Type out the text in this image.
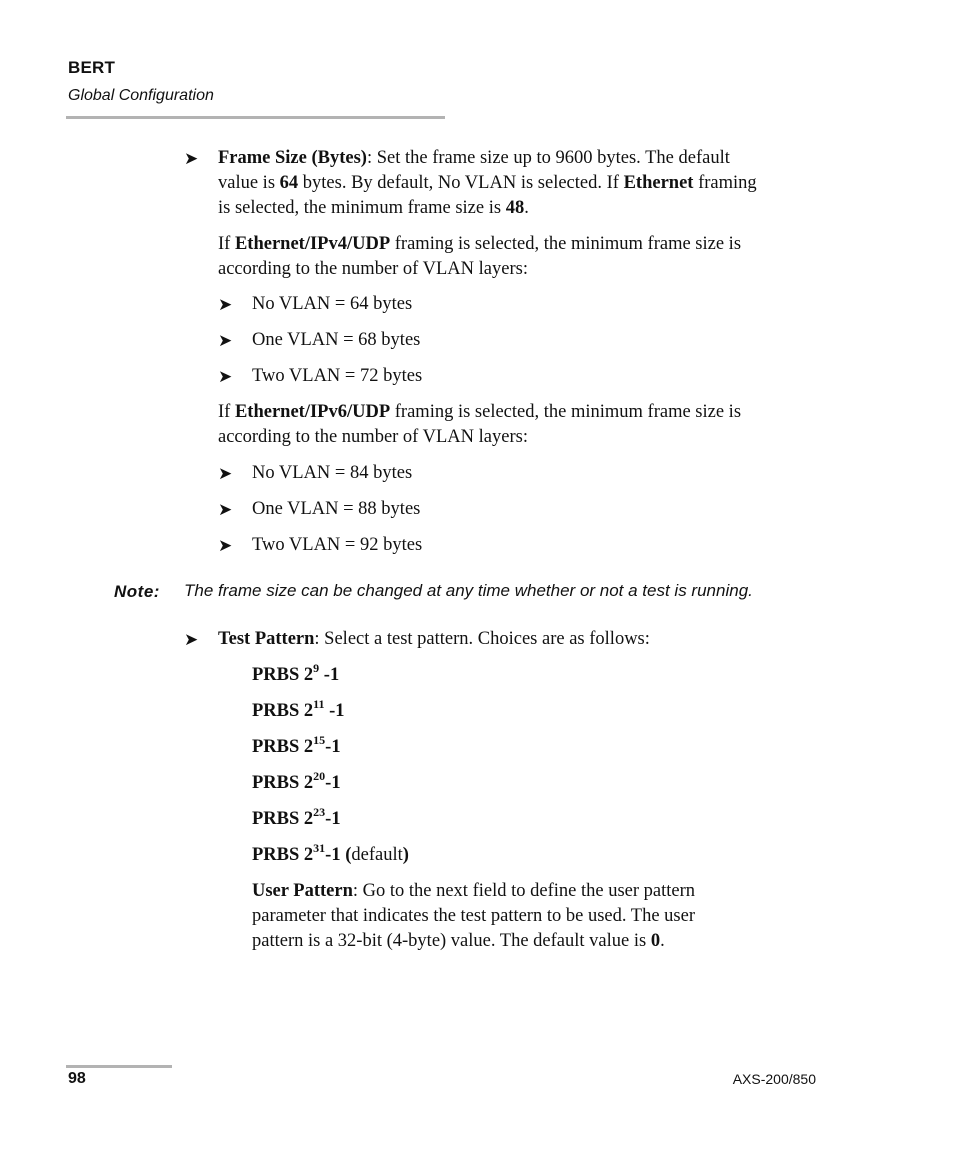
BERT
Global Configuration
➤ Frame Size (Bytes): Set the frame size up to 9600 bytes. The default
value is 64 bytes. By default, No VLAN is selected. If Ethernet framing
is selected, the minimum frame size is 48.
If Ethernet/IPv4/UDP framing is selected, the minimum frame size is
according to the number of VLAN layers:
➤ No VLAN = 64 bytes
➤ One VLAN = 68 bytes
➤ Two VLAN = 72 bytes
If Ethernet/IPv6/UDP framing is selected, the minimum frame size is
according to the number of VLAN layers:
➤ No VLAN = 84 bytes
➤ One VLAN = 88 bytes
➤ Two VLAN = 92 bytes
Note: The frame size can be changed at any time whether or not a test is running.
➤ Test Pattern: Select a test pattern. Choices are as follows:
PRBS $2^9$ -1
PRBS $2^{11}$ -1
PRBS $2^{15}-1$
PRBS $2^{20}-1$
PRBS $2^{23}-1$
PRBS $2^{31}-1$ (default)
User Pattern: Go to the next field to define the user pattern
parameter that indicates the test pattern to be used. The user
pattern is a 32-bit (4-byte) value. The default value is 0.
98	AXS-200/850
